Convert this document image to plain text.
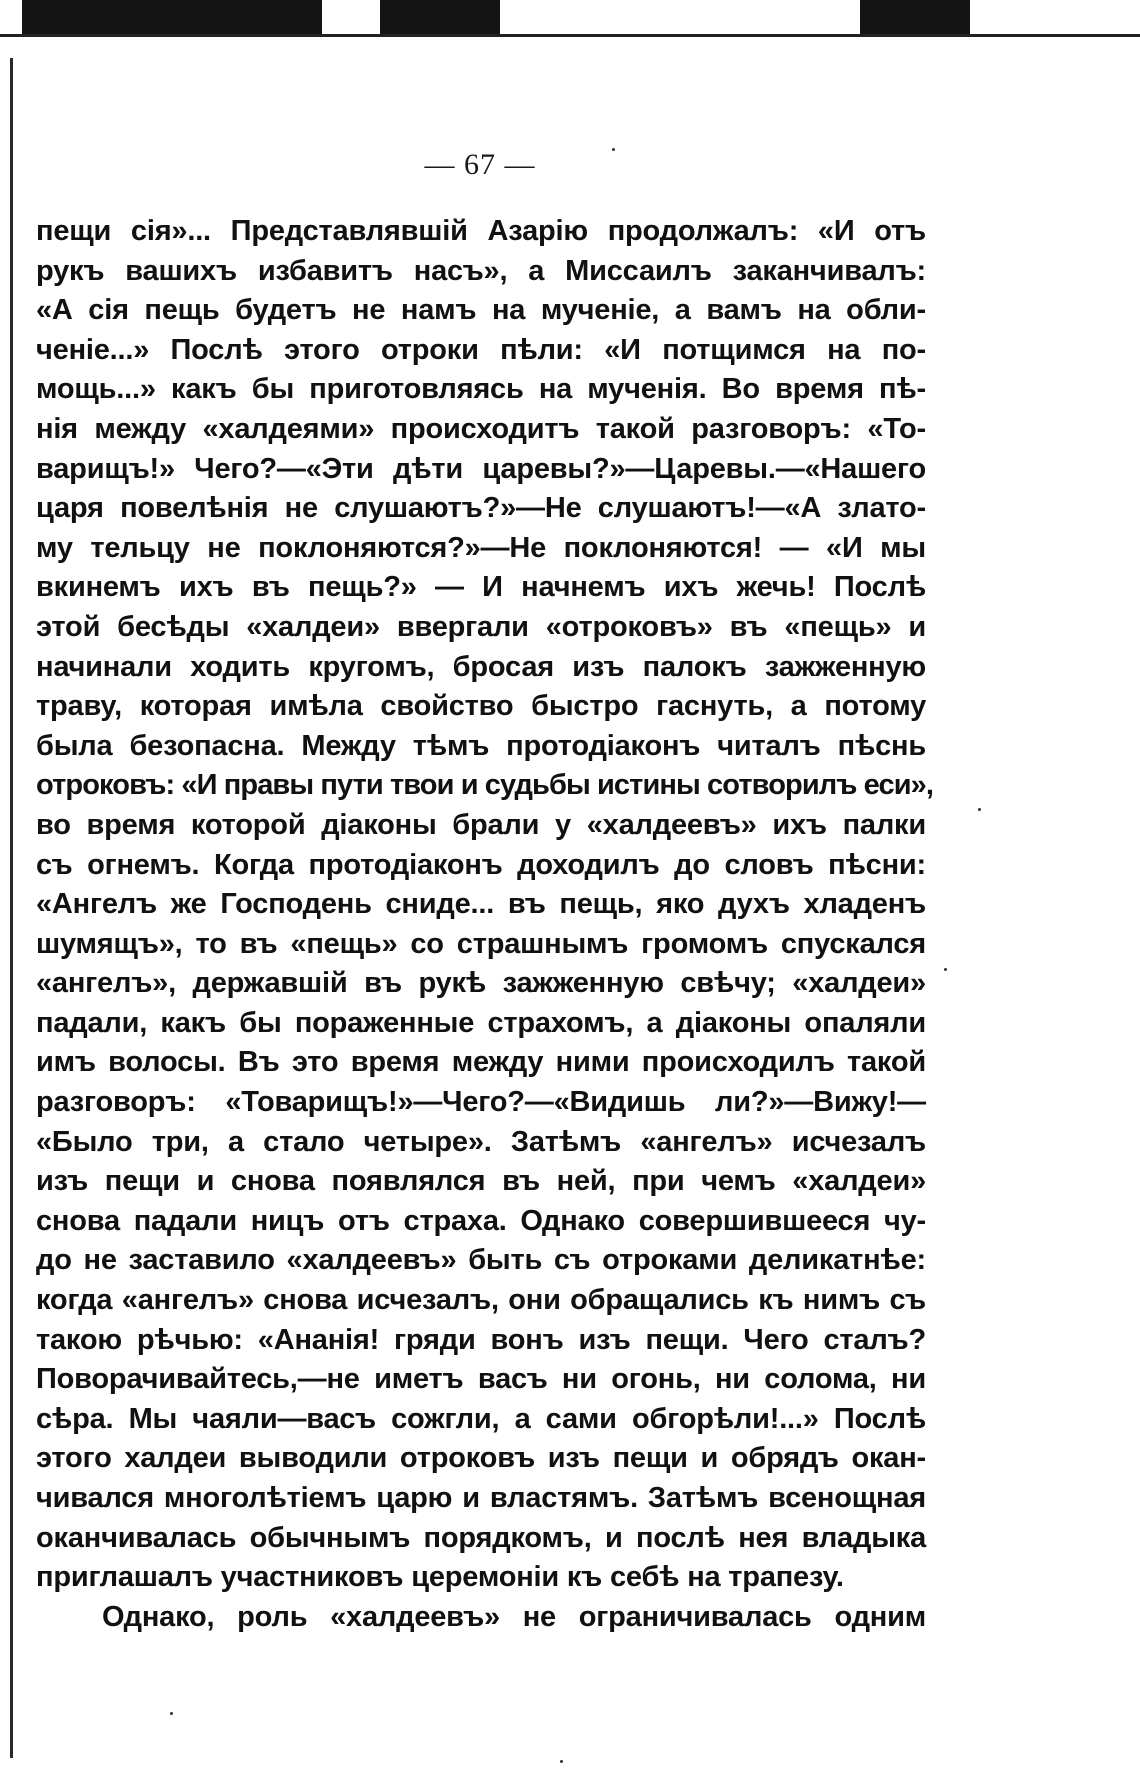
— 67 —
пещи сія»... Представлявшій Азарію продолжалъ: «И отъ
рукъ вашихъ избавитъ насъ», а Миссаилъ заканчивалъ:
«А сія пещь будетъ не намъ на мученіе, а вамъ на обли-
ченіе...» Послѣ этого отроки пѣли: «И потщимся на по-
мощь...» какъ бы приготовляясь на мученія. Во время пѣ-
нія между «халдеями» происходитъ такой разговоръ: «То-
варищъ!» Чего?—«Эти дѣти царевы?»—Царевы.—«Нашего
царя повелѣнія не слушаютъ?»—Не слушаютъ!—«А злато-
му тельцу не поклоняются?»—Не поклоняются! — «И мы
вкинемъ ихъ въ пещь?» — И начнемъ ихъ жечь! Послѣ
этой бесѣды «халдеи» ввергали «отроковъ» въ «пещь» и
начинали ходить кругомъ, бросая изъ палокъ зажженную
траву, которая имѣла свойство быстро гаснуть, а потому
была безопасна. Между тѣмъ протодіаконъ читалъ пѣснь
отроковъ: «И правы пути твои и судьбы истины сотворилъ еси»,
во время которой діаконы брали у «халдеевъ» ихъ палки
съ огнемъ. Когда протодіаконъ доходилъ до словъ пѣсни:
«Ангелъ же Господень сниде... въ пещь, яко духъ хладенъ
шумящъ», то въ «пещь» со страшнымъ громомъ спускался
«ангелъ», державшій въ рукѣ зажженную свѣчу; «халдеи»
падали, какъ бы пораженные страхомъ, а діаконы опаляли
имъ волосы. Въ это время между ними происходилъ такой
разговоръ: «Товарищъ!»—Чего?—«Видишь ли?»—Вижу!—
«Было три, а стало четыре». Затѣмъ «ангелъ» исчезалъ
изъ пещи и снова появлялся въ ней, при чемъ «халдеи»
снова падали ницъ отъ страха. Однако совершившееся чу-
до не заставило «халдеевъ» быть съ отроками деликатнѣе:
когда «ангелъ» снова исчезалъ, они обращались къ нимъ съ
такою рѣчью: «Ананія! гряди вонъ изъ пещи. Чего сталъ?
Поворачивайтесь,—не иметъ васъ ни огонь, ни солома, ни
сѣра. Мы чаяли—васъ сожгли, а сами обгорѣли!...» Послѣ
этого халдеи выводили отроковъ изъ пещи и обрядъ окан-
чивался многолѣтіемъ царю и властямъ. Затѣмъ всенощная
оканчивалась обычнымъ порядкомъ, и послѣ нея владыка
приглашалъ участниковъ церемоніи къ себѣ на трапезу.
Однако, роль «халдеевъ» не ограничивалась одним
